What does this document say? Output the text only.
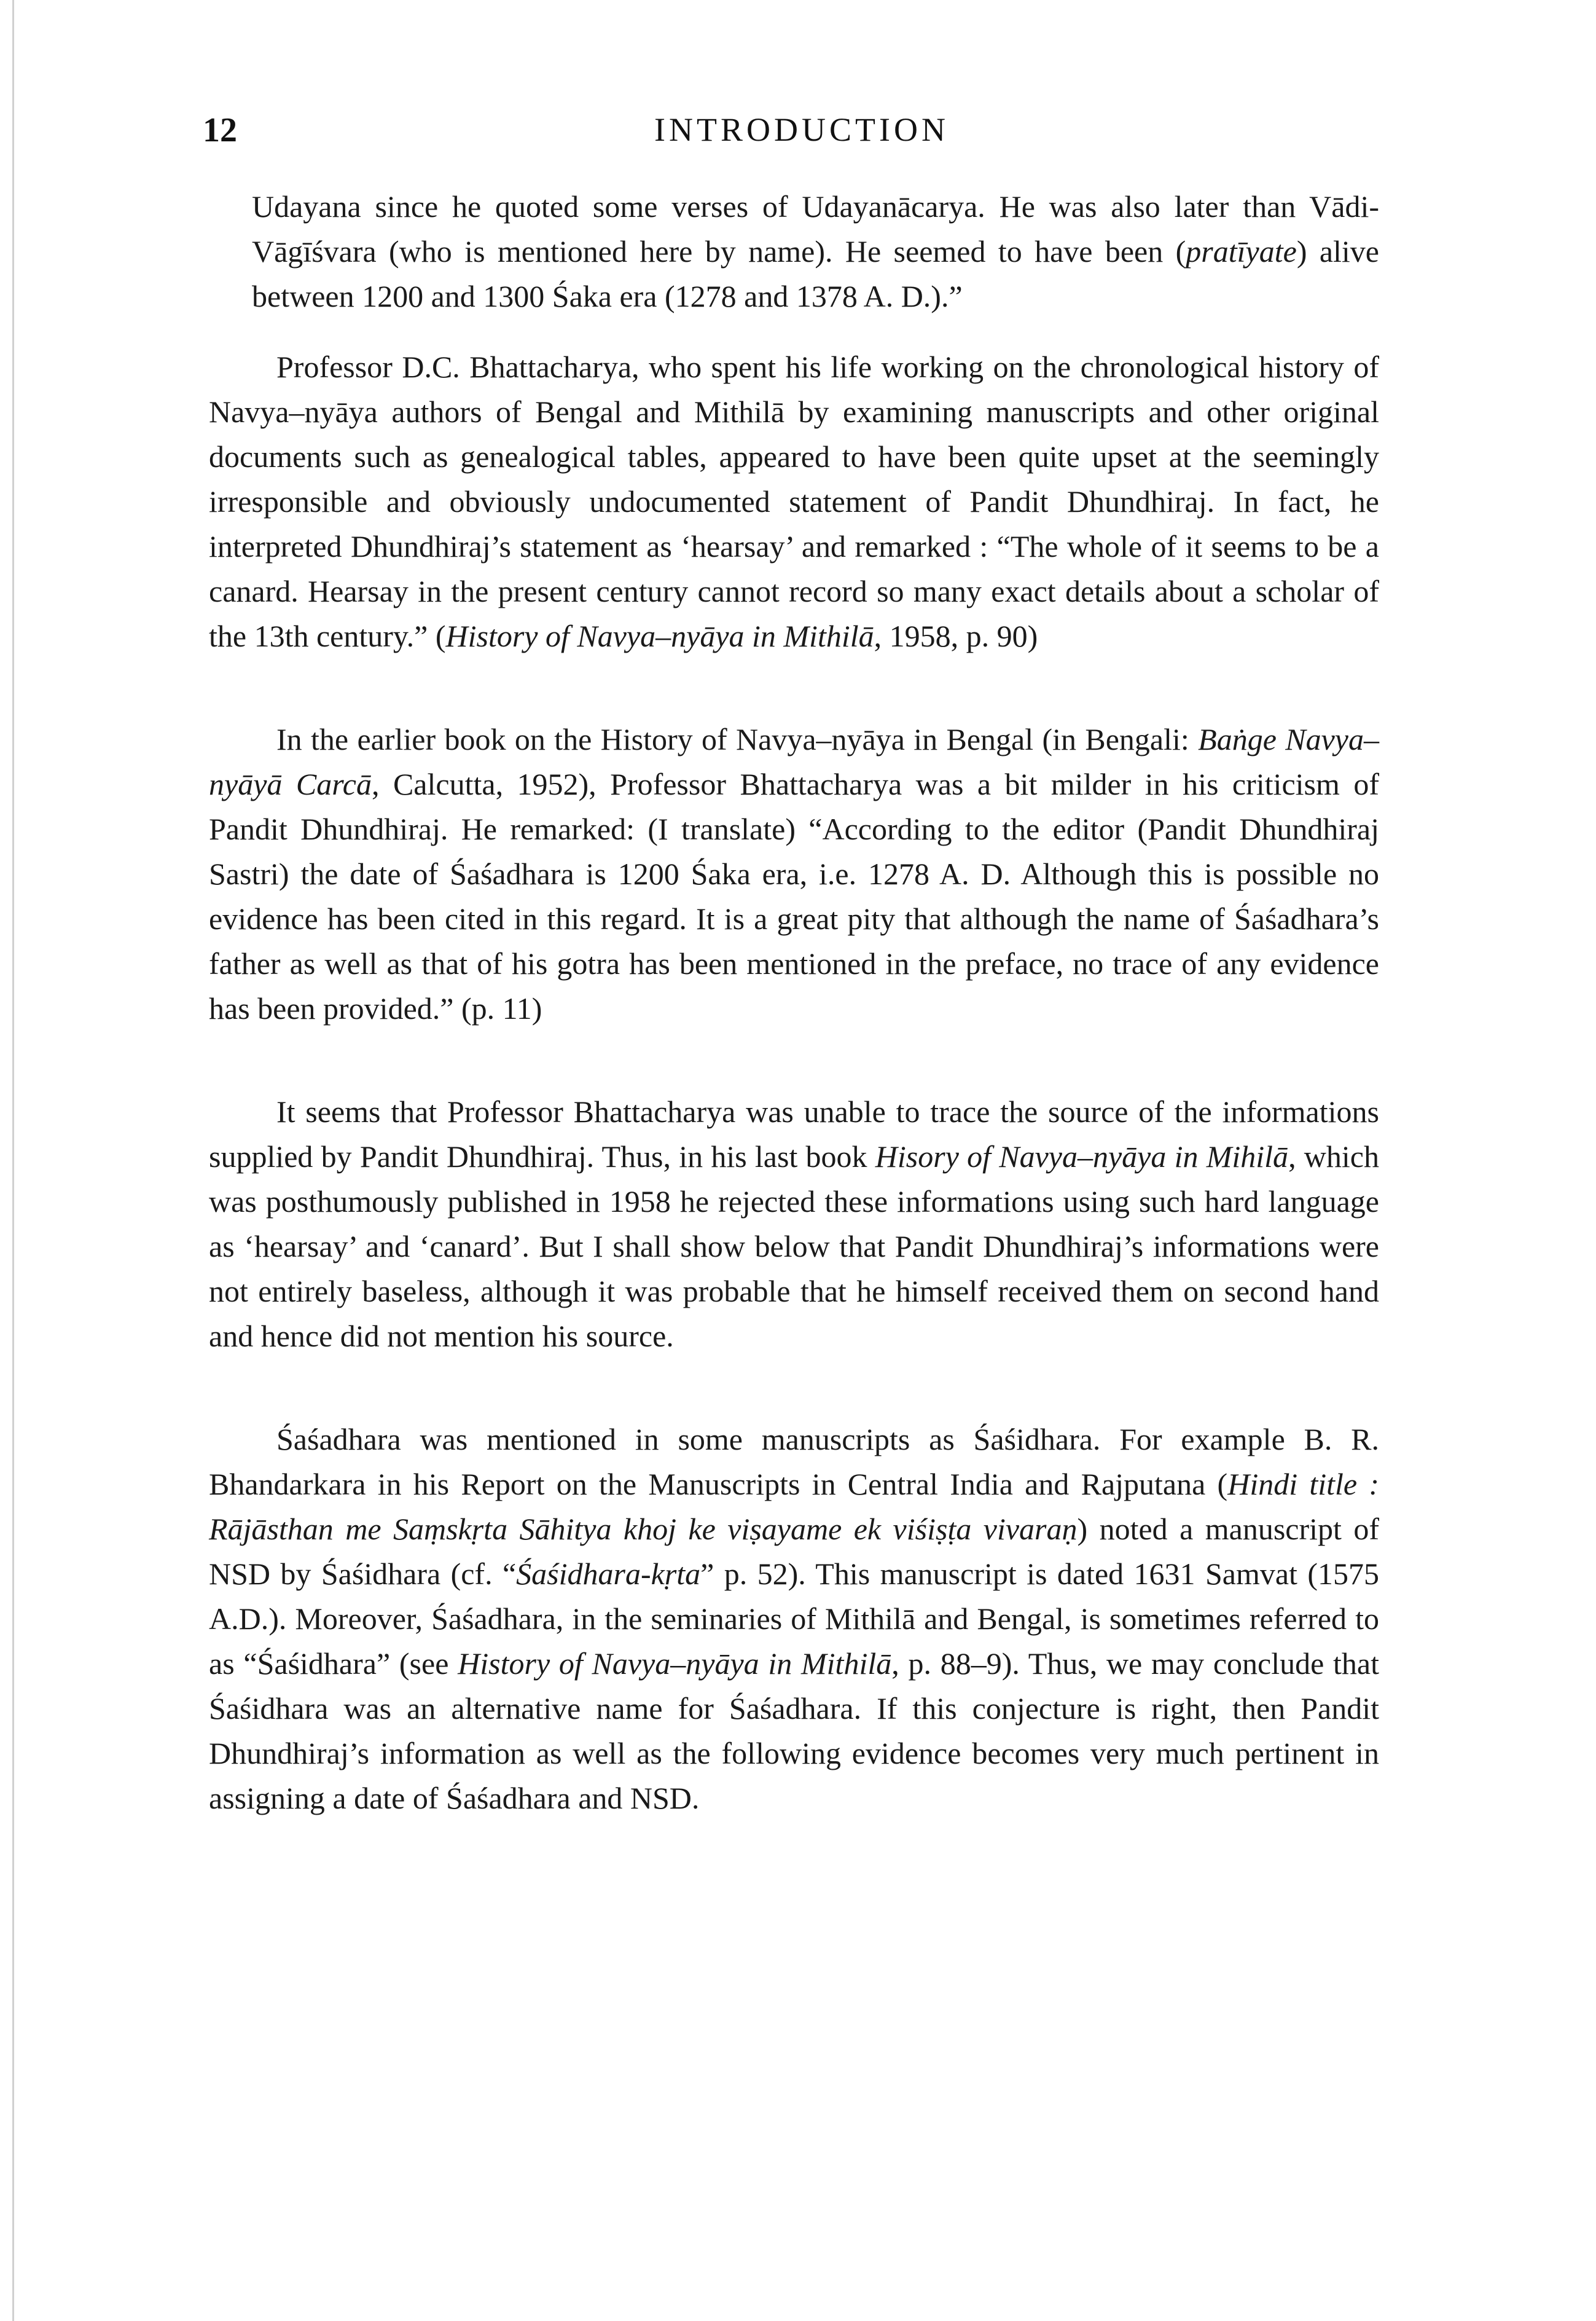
12	INTRODUCTION

Udayana since he quoted some verses of Udayanācarya. He was also later than Vādi-Vāgīśvara (who is mentioned here by name). He seemed to have been (pratīyate) alive between 1200 and 1300 Śaka era (1278 and 1378 A. D.).”

Professor D.C. Bhattacharya, who spent his life working on the chronological history of Navya–nyāya authors of Bengal and Mithilā by examining manuscripts and other original documents such as genealogical tables, appeared to have been quite upset at the seemingly irresponsible and obviously undocumented statement of Pandit Dhundhiraj. In fact, he interpreted Dhundhiraj’s statement as ‘hearsay’ and remarked : “The whole of it seems to be a canard. Hearsay in the present century cannot record so many exact details about a scholar of the 13th century.” (History of Navya–nyāya in Mithilā, 1958, p. 90)

In the earlier book on the History of Navya–nyāya in Bengal (in Bengali: Baṅge Navya–nyāyā Carcā, Calcutta, 1952), Professor Bhattacharya was a bit milder in his criticism of Pandit Dhundhiraj. He remarked: (I translate) “According to the editor (Pandit Dhundhiraj Sastri) the date of Śaśadhara is 1200 Śaka era, i.e. 1278 A. D. Although this is possible no evidence has been cited in this regard. It is a great pity that although the name of Śaśadhara’s father as well as that of his gotra has been mentioned in the preface, no trace of any evidence has been provided.” (p. 11)

It seems that Professor Bhattacharya was unable to trace the source of the informations supplied by Pandit Dhundhiraj. Thus, in his last book Hisory of Navya–nyāya in Mihilā, which was posthumously published in 1958 he rejected these informations using such hard language as ‘hearsay’ and ‘canard’. But I shall show below that Pandit Dhundhiraj’s informations were not entirely baseless, although it was probable that he himself received them on second hand and hence did not mention his source.

Śaśadhara was mentioned in some manuscripts as Śaśidhara. For example B. R. Bhandarkara in his Report on the Manuscripts in Central India and Rajputana (Hindi title : Rājāsthan me Saṃskṛta Sāhitya khoj ke viṣayame ek viśiṣṭa vivaraṇ) noted a manuscript of NSD by Śaśidhara (cf. “Śaśidhara-kṛta” p. 52). This manuscript is dated 1631 Samvat (1575 A.D.). Moreover, Śaśadhara, in the seminaries of Mithilā and Bengal, is sometimes referred to as “Śaśidhara” (see History of Navya–nyāya in Mithilā, p. 88–9). Thus, we may conclude that Śaśidhara was an alternative name for Śaśadhara. If this conjecture is right, then Pandit Dhundhiraj’s information as well as the following evidence becomes very much pertinent in assigning a date of Śaśadhara and NSD.
